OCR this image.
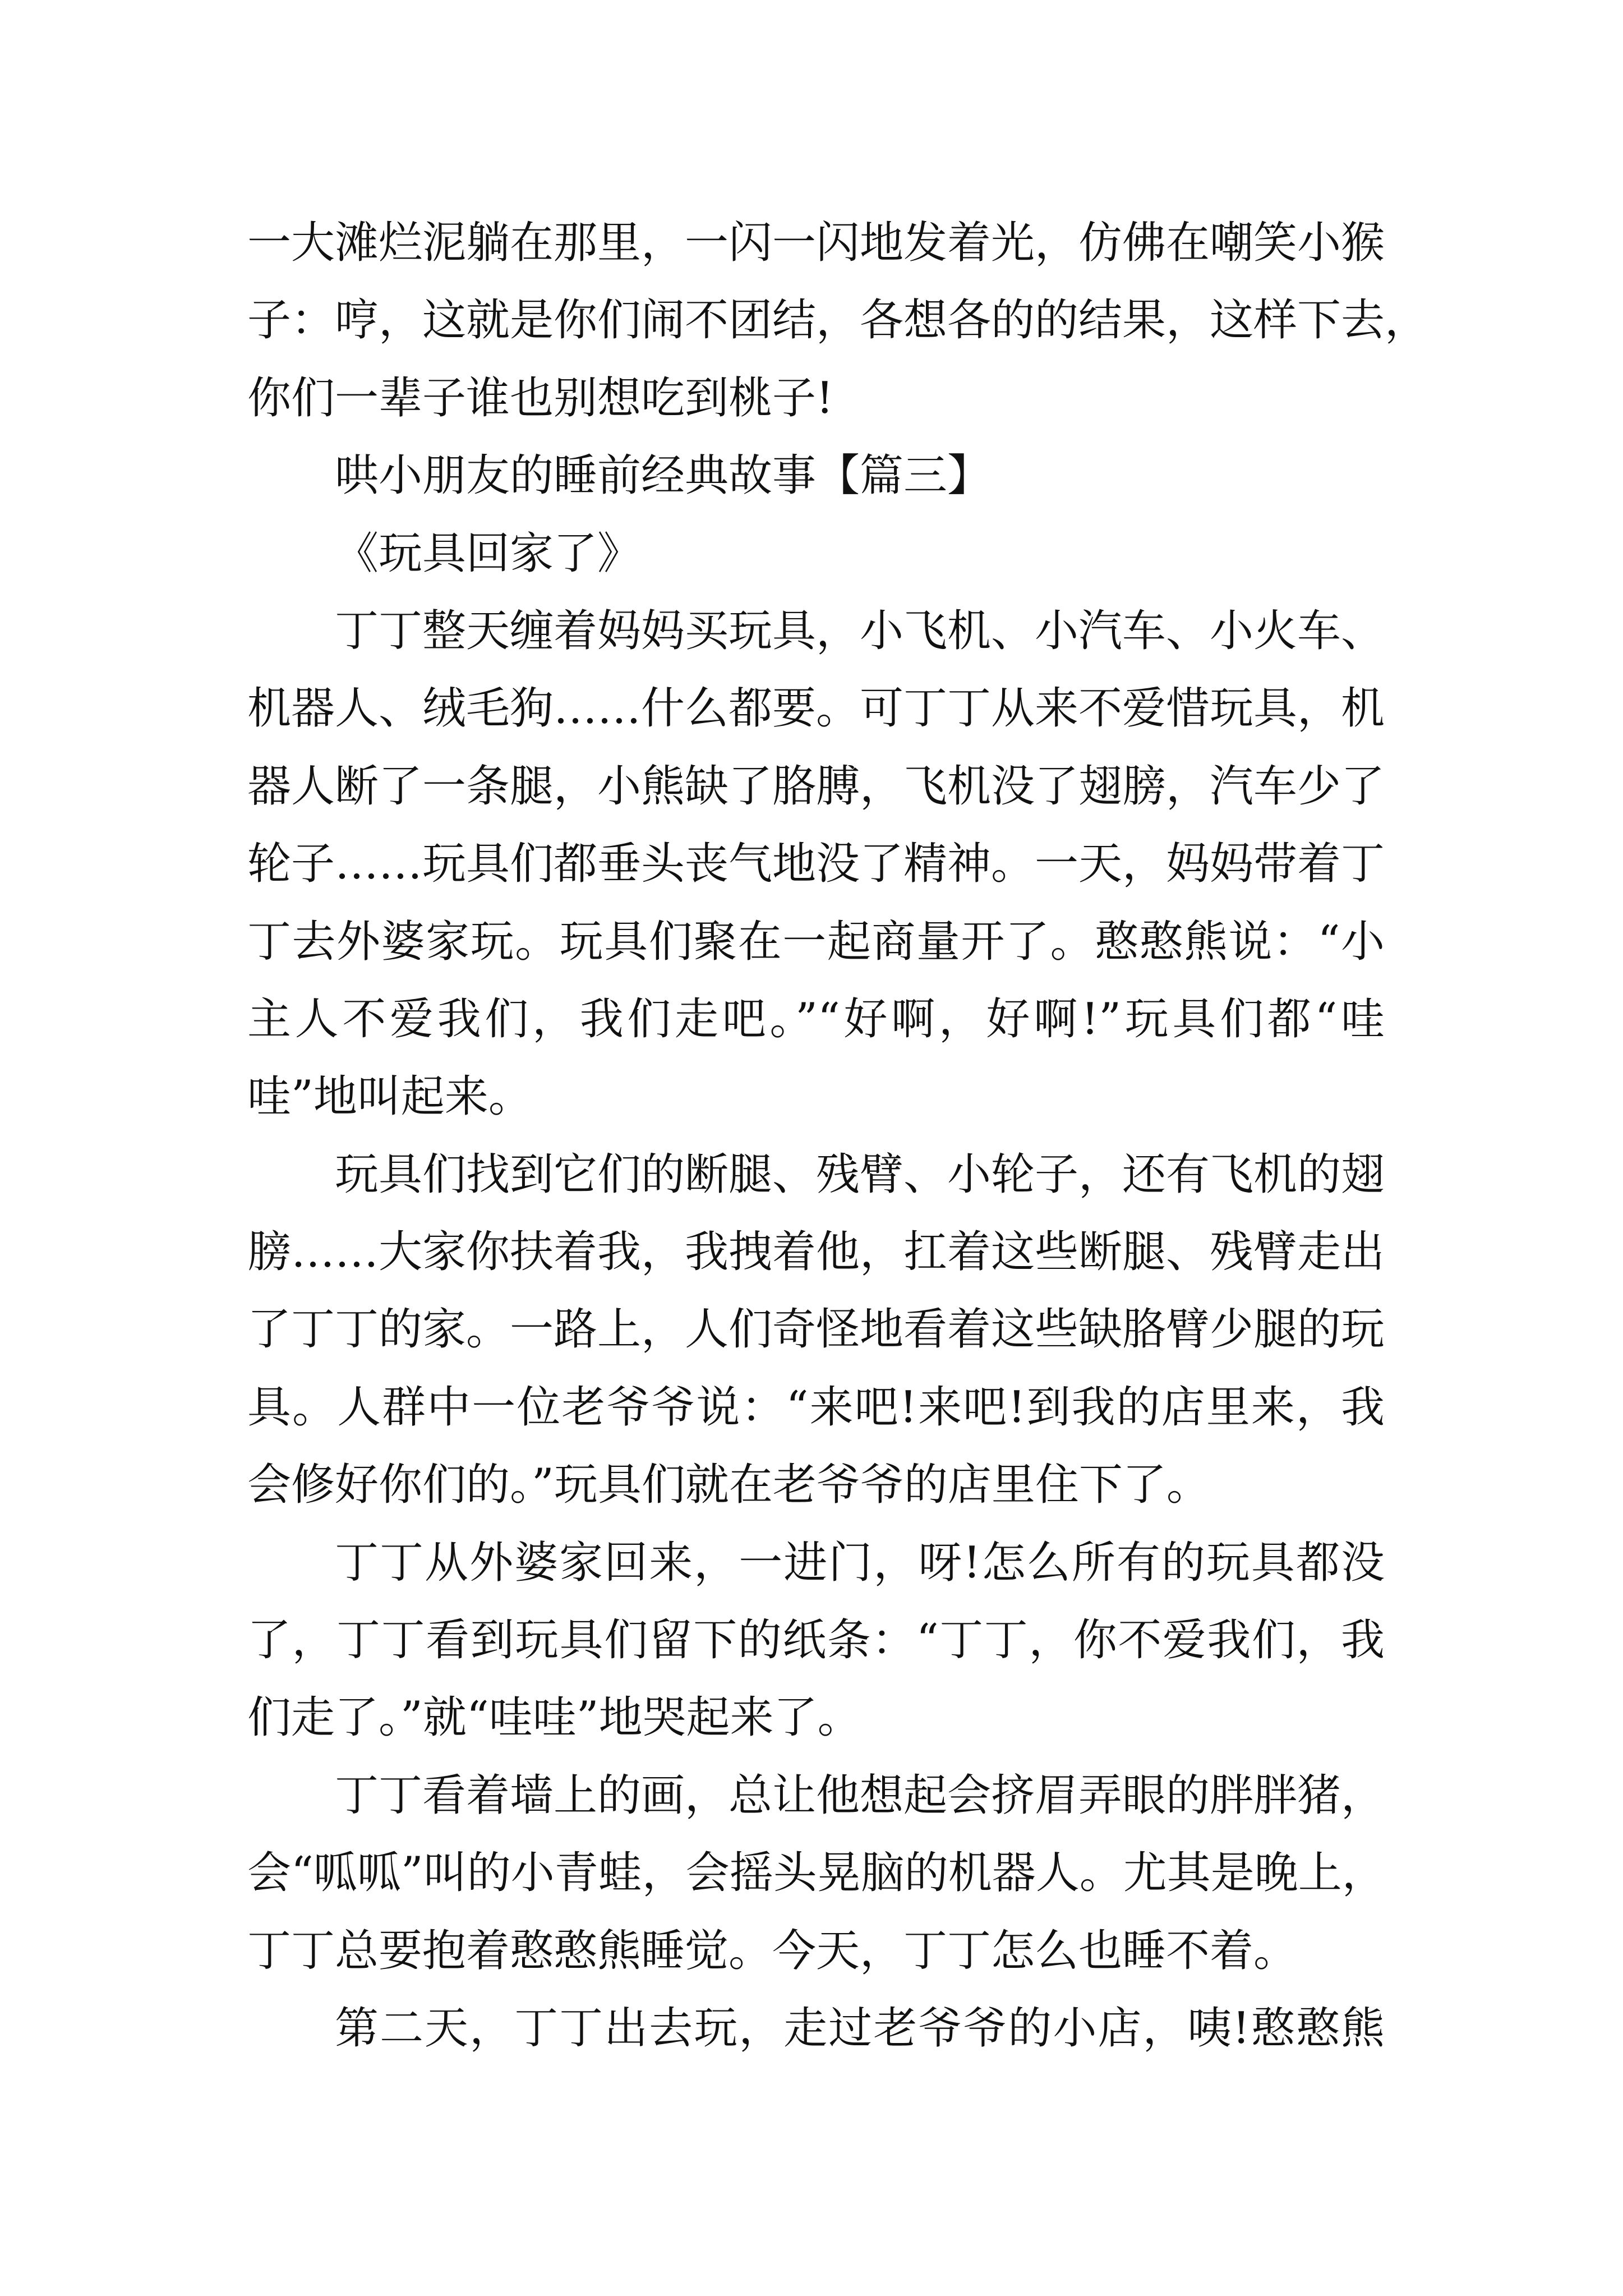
一大滩烂泥躺在那里，一闪一闪地发着光，仿佛在嘲笑小猴
子：哼，这就是你们闹不团结，各想各的的结果，这样下去，
你们一辈子谁也别想吃到桃子!
哄小朋友的睡前经典故事【篇三】
《玩具回家了》
丁丁整天缠着妈妈买玩具，小飞机、小汽车、小火车、
机器人、绒毛狗……什么都要。可丁丁从来不爱惜玩具，机
器人断了一条腿，小熊缺了胳膊，飞机没了翅膀，汽车少了
轮子……玩具们都垂头丧气地没了精神。一天，妈妈带着丁
丁去外婆家玩。玩具们聚在一起商量开了。憨憨熊说：“小
主人不爱我们，我们走吧。”“好啊，好啊!”玩具们都“哇
哇”地叫起来。
玩具们找到它们的断腿、残臂、小轮子，还有飞机的翅
膀……大家你扶着我，我拽着他，扛着这些断腿、残臂走出
了丁丁的家。一路上，人们奇怪地看着这些缺胳臂少腿的玩
具。人群中一位老爷爷说：“来吧!来吧!到我的店里来，我
会修好你们的。”玩具们就在老爷爷的店里住下了。
丁丁从外婆家回来，一进门，呀!怎么所有的玩具都没
了，丁丁看到玩具们留下的纸条：“丁丁，你不爱我们，我
们走了。”就“哇哇”地哭起来了。
丁丁看着墙上的画，总让他想起会挤眉弄眼的胖胖猪，
会“呱呱”叫的小青蛙，会摇头晃脑的机器人。尤其是晚上，
丁丁总要抱着憨憨熊睡觉。今天，丁丁怎么也睡不着。
第二天，丁丁出去玩，走过老爷爷的小店，咦!憨憨熊
